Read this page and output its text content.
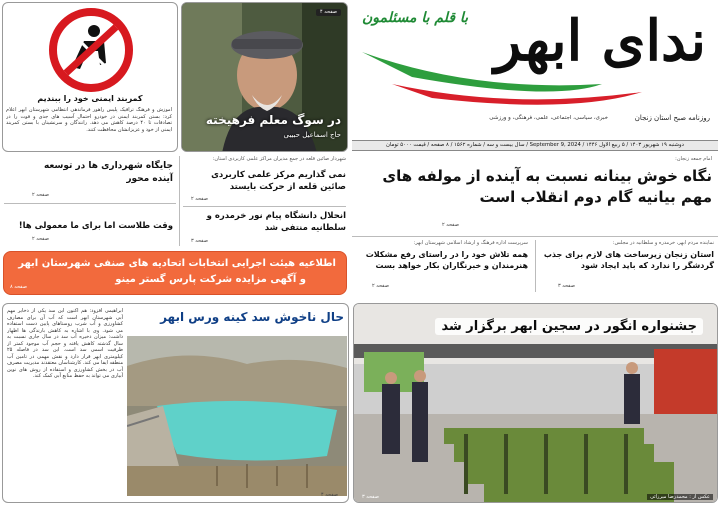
ندای ابهر
با قلم با مسئلمون
روزنامه صبح استان زنجان
خبری، سیاسی، اجتماعی، علمی، فرهنگی، و ورزشی
دوشنبه ۱۹ شهریور ۱۴۰۳ / ۵ ربیع الاول ۱۴۴۶ / September 9, 2024 / سال بیست و سه / شماره ۱۵۶۲ / ۸ صفحه / قیمت ۵۰۰۰ تومان
امام جمعه زنجان:
نگاه خوش بینانه نسبت به آینده از مولفه های مهم بیانیه گام دوم انقلاب است
صفحه ۲
سرپرست اداره فرهنگ و ارشاد اسلامی شهرستان ابهر:
همه تلاش خود را در راستای رفع مشکلات هنرمندان و خبرنگاران بکار خواهد بست
صفحه ۲
نماینده مردم ابهر، خرمدره و سلطانیه در مجلس:
استان زنجان زیرساخت های لازم برای جذب گردشگر را ندارد که باید ایجاد شود
صفحه ۳
صفحه ۴
در سوگ معلم فرهیخته
حاج اسماعیل حبیبی
کمربند ایمنی خود را ببندیم
آموزش و فرهنگ ترافیک پلیس راهور فرماندهی انتظامی شهرستان ابهر اعلام کرد: بستن کمربند ایمنی در خودرو احتمال آسیب های جدی و فوت را در تصادفات تا ۴۰ درصد کاهش می دهد. رانندگان و سرنشینان با بستن کمربند ایمنی از خود و عزیزانشان محافظت کنند.
شهردار صائین قلعه در جمع مدیران مراکز علمی کاربردی استان:
نمی گذاریم مرکز علمی کاربردی صائین قلعه از حرکت بایستد
صفحه ۲
انحلال دانشگاه پیام نور خرمدره و سلطانیه منتفی شد
صفحه ۳
جایگاه شهرداری ها در توسعه آینده محور
صفحه ۲
وقت طلاست اما برای ما معمولی ها!
صفحه ۲
اطلاعیه هیئت اجرایی انتخابات اتحادیه های صنفی شهرستان ابهر
و آگهی مزایده شرکت پارس گستر مینو
صفحه ۸
حال ناخوش سد کینه ورس ابهر
ابراهیمی افزود: هم اکنون این سد یکی از ذخایر مهم آبی شهرستان ابهر است که آب آن برای مصارف کشاورزی و آب شرب روستاهای پایین دست استفاده می شود. وی با اشاره به کاهش بارندگی ها اظهار داشت: میزان ذخیره آب سد در سال جاری نسبت به سال گذشته کاهش یافته و حجم آب موجود کمتر از ظرفیت اسمی سد است. این سد در فاصله ۲۵ کیلومتری ابهر قرار دارد و نقش مهمی در تامین آب منطقه ایفا می کند. کارشناسان معتقدند مدیریت مصرف آب در بخش کشاورزی و استفاده از روش های نوین آبیاری می تواند به حفظ منابع آبی کمک کند.
صفحه ۴
جشنواره انگور در سجین ابهر برگزار شد
عکس از : محمدرضا میرزائی
صفحه ۳
